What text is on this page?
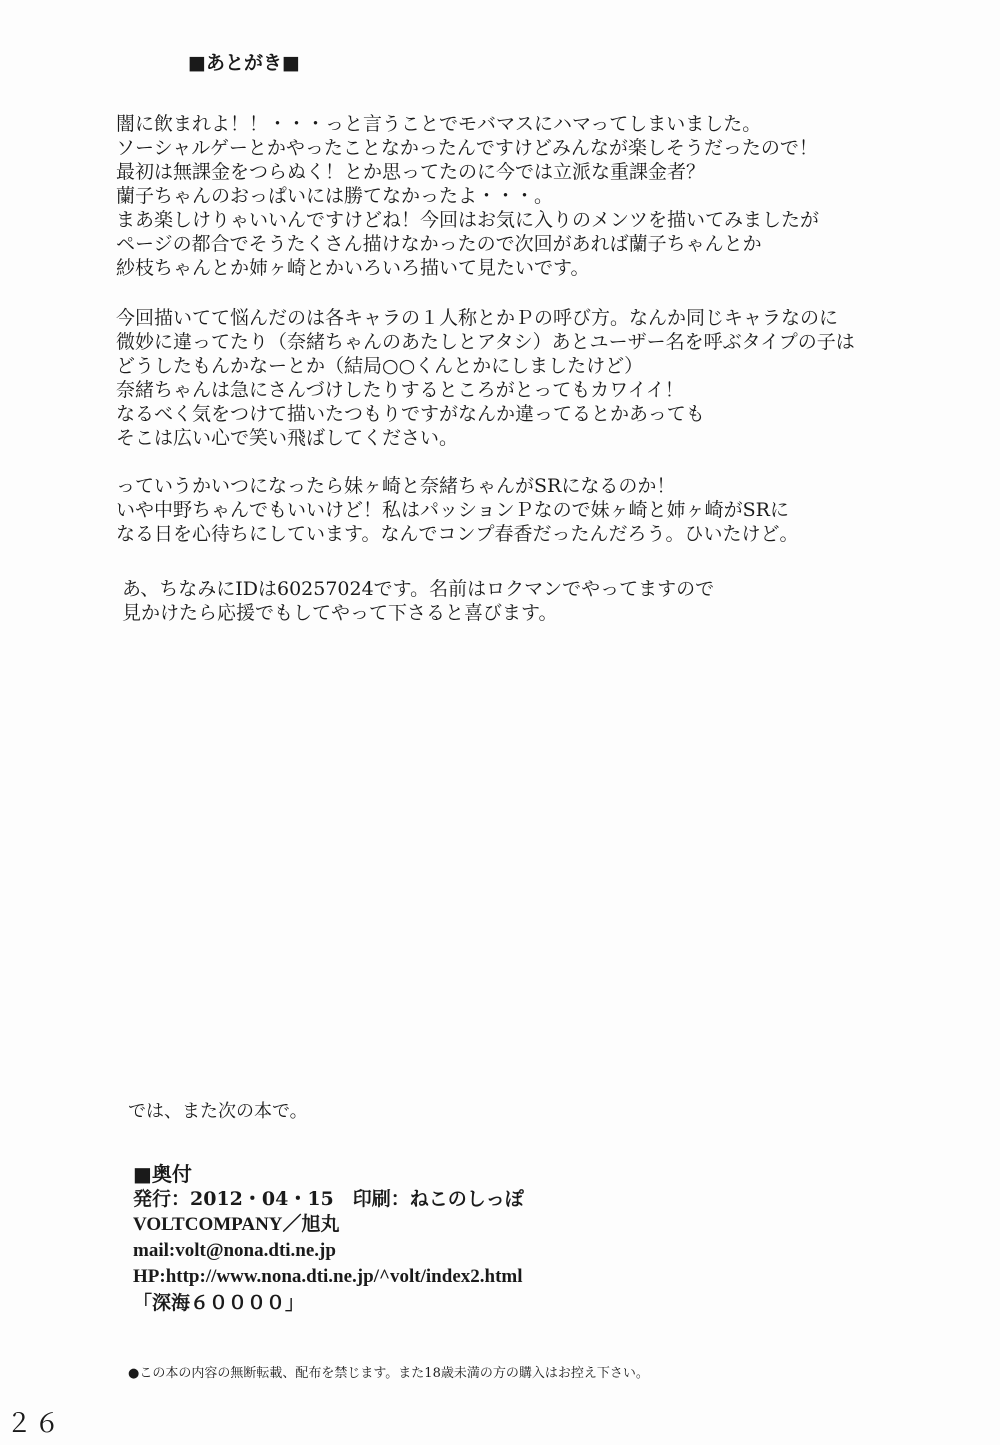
■あとがき■
闇に飲まれよ！！・・・っと言うことでモバマスにハマってしまいました。
ソーシャルゲーとかやったことなかったんですけどみんなが楽しそうだったので！
最初は無課金をつらぬく！とか思ってたのに今では立派な重課金者？
蘭子ちゃんのおっぱいには勝てなかったよ・・・。
まあ楽しけりゃいいんですけどね！今回はお気に入りのメンツを描いてみましたが
ページの都合でそうたくさん描けなかったので次回があれば蘭子ちゃんとか
紗枝ちゃんとか姉ヶ崎とかいろいろ描いて見たいです。
今回描いてて悩んだのは各キャラの１人称とかＰの呼び方。なんか同じキャラなのに
微妙に違ってたり（奈緒ちゃんのあたしとアタシ）あとユーザー名を呼ぶタイプの子は
どうしたもんかなーとか（結局○○くんとかにしましたけど）
奈緒ちゃんは急にさんづけしたりするところがとってもカワイイ！
なるべく気をつけて描いたつもりですがなんか違ってるとかあっても
そこは広い心で笑い飛ばしてください。
っていうかいつになったら妹ヶ崎と奈緒ちゃんがSRになるのか！
いや中野ちゃんでもいいけど！私はパッションＰなので妹ヶ崎と姉ヶ崎がSRに
なる日を心待ちにしています。なんでコンプ春香だったんだろう。ひいたけど。
あ、ちなみにIDは60257024です。名前はロクマンでやってますので
見かけたら応援でもしてやって下さると喜びます。
では、また次の本で。
■奥付
発行：2012・04・15　印刷：ねこのしっぽ
VOLTCOMPANY／旭丸
mail:volt@nona.dti.ne.jp
HP:http://www.nona.dti.ne.jp/^volt/index2.html
「深海６００００」
●この本の内容の無断転載、配布を禁じます。また18歳未満の方の購入はお控え下さい。
２６
